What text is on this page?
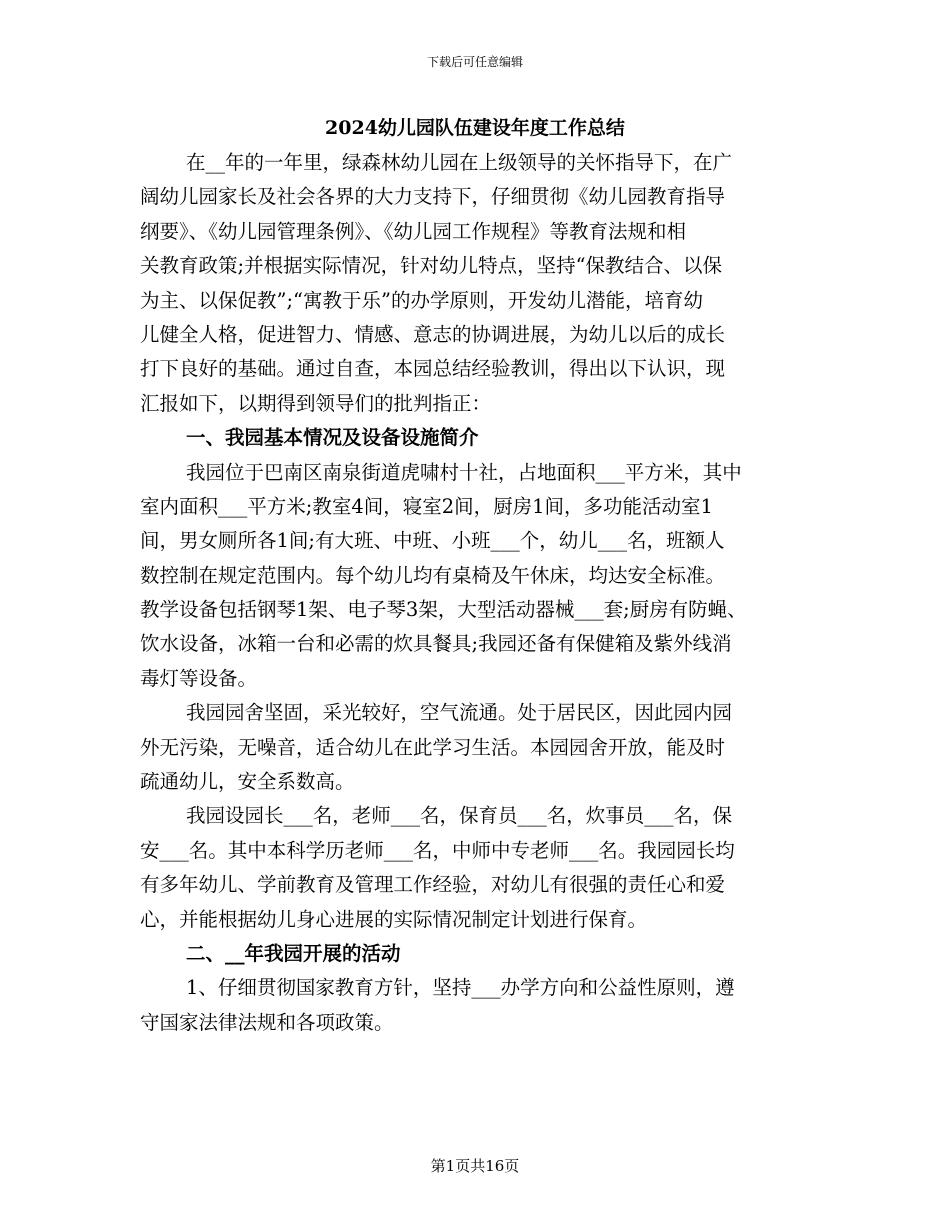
下载后可任意编辑
2024幼儿园队伍建设年度工作总结
在__年的一年里，绿森林幼儿园在上级领导的关怀指导下，在广
阔幼儿园家长及社会各界的大力支持下，仔细贯彻《幼儿园教育指导
纲要》、《幼儿园管理条例》、《幼儿园工作规程》等教育法规和相
关教育政策;并根据实际情况，针对幼儿特点，坚持“保教结合、以保
为主、以保促教”;“寓教于乐”的办学原则，开发幼儿潜能，培育幼
儿健全人格，促进智力、情感、意志的协调进展，为幼儿以后的成长
打下良好的基础。通过自查，本园总结经验教训，得出以下认识，现
汇报如下，以期得到领导们的批判指正：
一、我园基本情况及设备设施简介
我园位于巴南区南泉街道虎啸村十社，占地面积___平方米，其中
室内面积___平方米;教室4间，寝室2间，厨房1间，多功能活动室1
间，男女厕所各1间;有大班、中班、小班___个，幼儿___名，班额人
数控制在规定范围内。每个幼儿均有桌椅及午休床，均达安全标准。
教学设备包括钢琴1架、电子琴3架，大型活动器械___套;厨房有防蝇、
饮水设备，冰箱一台和必需的炊具餐具;我园还备有保健箱及紫外线消
毒灯等设备。
我园园舍坚固，采光较好，空气流通。处于居民区，因此园内园
外无污染，无噪音，适合幼儿在此学习生活。本园园舍开放，能及时
疏通幼儿，安全系数高。
我园设园长___名，老师___名，保育员___名，炊事员___名，保
安___名。其中本科学历老师___名，中师中专老师___名。我园园长均
有多年幼儿、学前教育及管理工作经验，对幼儿有很强的责任心和爱
心，并能根据幼儿身心进展的实际情况制定计划进行保育。
二、__年我园开展的活动
1、仔细贯彻国家教育方针，坚持___办学方向和公益性原则，遵
守国家法律法规和各项政策。
第1页共16页
